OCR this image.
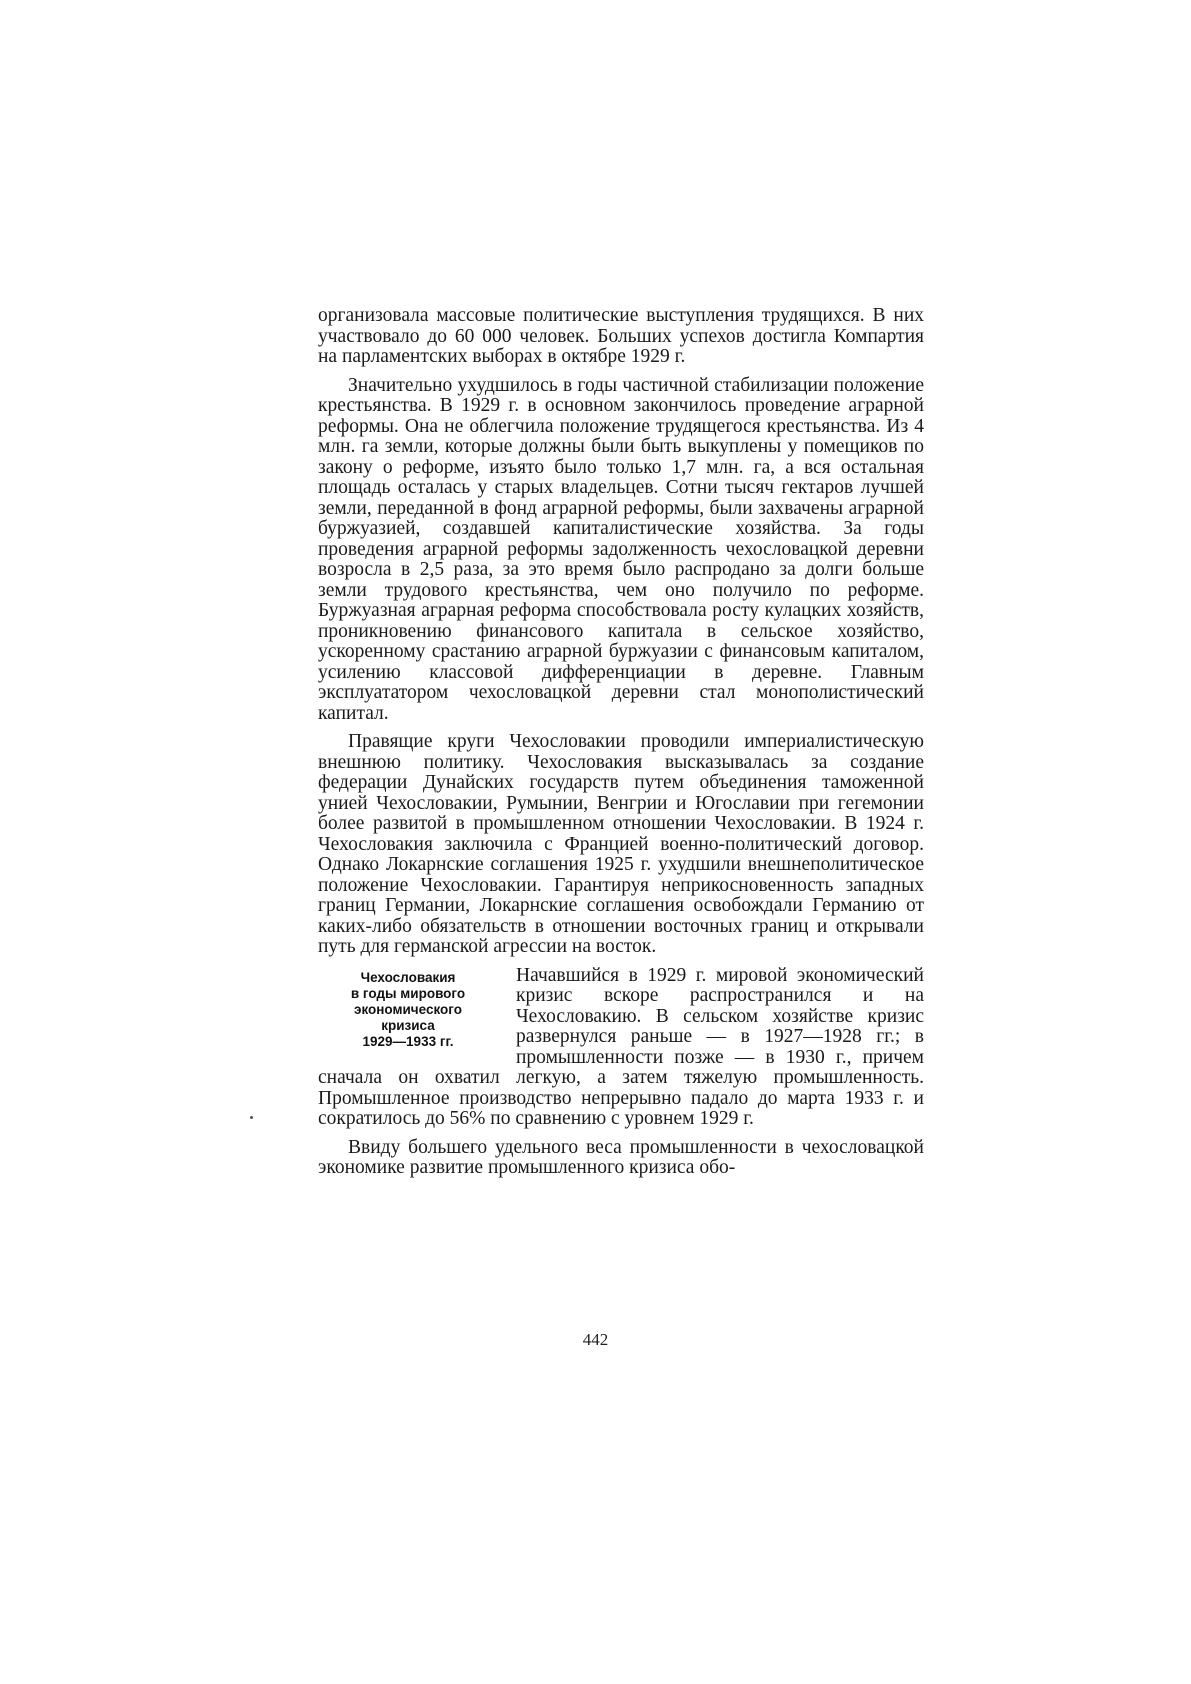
организовала массовые политические выступления трудящихся. В них участвовало до 60 000 человек. Больших успехов достигла Компартия на парламентских выборах в октябре 1929 г.

Значительно ухудшилось в годы частичной стабилизации положение крестьянства. В 1929 г. в основном закончилось проведение аграрной реформы. Она не облегчила положение трудящегося крестьянства. Из 4 млн. га земли, которые должны были быть выкуплены у помещиков по закону о реформе, изъято было только 1,7 млн. га, а вся остальная площадь осталась у старых владельцев. Сотни тысяч гектаров лучшей земли, переданной в фонд аграрной реформы, были захвачены аграрной буржуазией, создавшей капиталистические хозяйства. За годы проведения аграрной реформы задолженность чехословацкой деревни возросла в 2,5 раза, за это время было распродано за долги больше земли трудового крестьянства, чем оно получило по реформе. Буржуазная аграрная реформа способствовала росту кулацких хозяйств, проникновению финансового капитала в сельское хозяйство, ускоренному срастанию аграрной буржуазии с финансовым капиталом, усилению классовой дифференциации в деревне. Главным эксплуататором чехословацкой деревни стал монополистический капитал.

Правящие круги Чехословакии проводили империалистическую внешнюю политику. Чехословакия высказывалась за создание федерации Дунайских государств путем объединения таможенной унией Чехословакии, Румынии, Венгрии и Югославии при гегемонии более развитой в промышленном отношении Чехословакии. В 1924 г. Чехословакия заключила с Францией военно-политический договор. Однако Локарнские соглашения 1925 г. ухудшили внешнеполитическое положение Чехословакии. Гарантируя неприкосновенность западных границ Германии, Локарнские соглашения освобождали Германию от каких-либо обязательств в отношении восточных границ и открывали путь для германской агрессии на восток.

Чехословакия
в годы мирового
экономического
кризиса
1929—1933 гг.

Начавшийся в 1929 г. мировой экономический кризис вскоре распространился и на Чехословакию. В сельском хозяйстве кризис развернулся раньше — в 1927—1928 гг.; в промышленности позже — в 1930 г., причем сначала он охватил легкую, а затем тяжелую промышленность. Промышленное производство непрерывно падало до марта 1933 г. и сократилось до 56% по сравнению с уровнем 1929 г.

Ввиду большего удельного веса промышленности в чехословацкой экономике развитие промышленного кризиса обо-

442
